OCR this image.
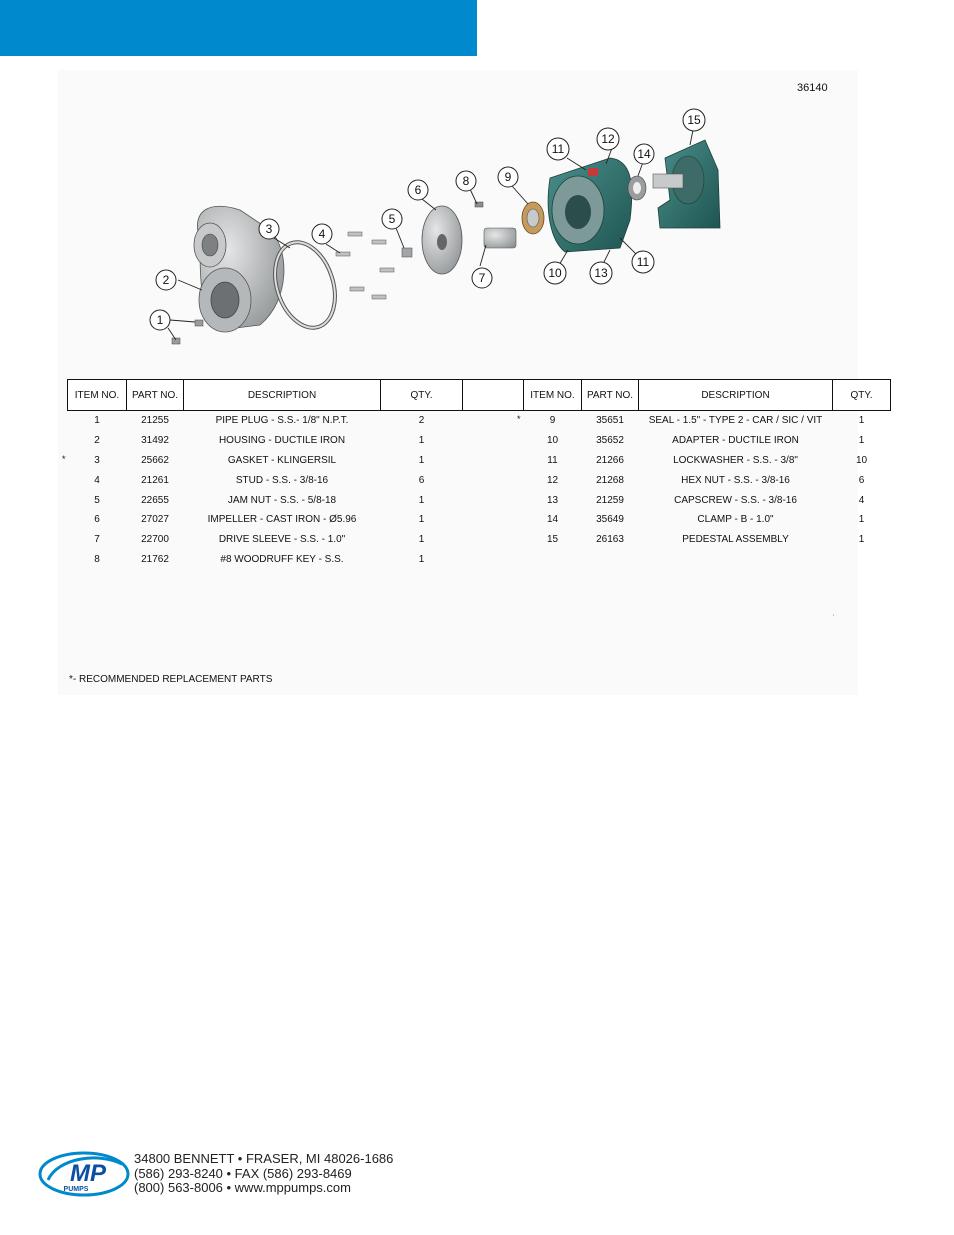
36140
1
2
3	4
5
6
7
8	9
10
11
11
12
13
14
15
ITEM NO.	PART NO.	DESCRIPTION	QTY.
1	21255	PIPE PLUG - S.S.- 1/8" N.P.T.	2
2	31492	HOUSING - DUCTILE IRON	1
3	25662	GASKET - KLINGERSIL	1
4	21261	STUD - S.S. - 3/8-16	6
5	22655	JAM NUT - S.S. - 5/8-18	1
6	27027	IMPELLER - CAST IRON - Ø5.96	1
7	22700	DRIVE SLEEVE - S.S. - 1.0"	1
8	21762	#8 WOODRUFF KEY - S.S.	1
ITEM NO.	PART NO.	DESCRIPTION	QTY.
9	35651	SEAL - 1.5" - TYPE 2 - CAR / SIC / VIT	1
10	35652	ADAPTER - DUCTILE IRON	1
11	21266	LOCKWASHER - S.S. - 3/8"	10
12	21268	HEX NUT - S.S. - 3/8-16	6
13	21259	CAPSCREW - S.S. - 3/8-16	4
14	35649	CLAMP - B - 1.0"	1
15	26163	PEDESTAL ASSEMBLY	1
*
*
'
*- RECOMMENDED REPLACEMENT PARTS
MP
PUMPS
34800 BENNETT • FRASER, MI 48026-1686
(586) 293-8240 • FAX (586) 293-8469
(800) 563-8006 • www.mppumps.com
